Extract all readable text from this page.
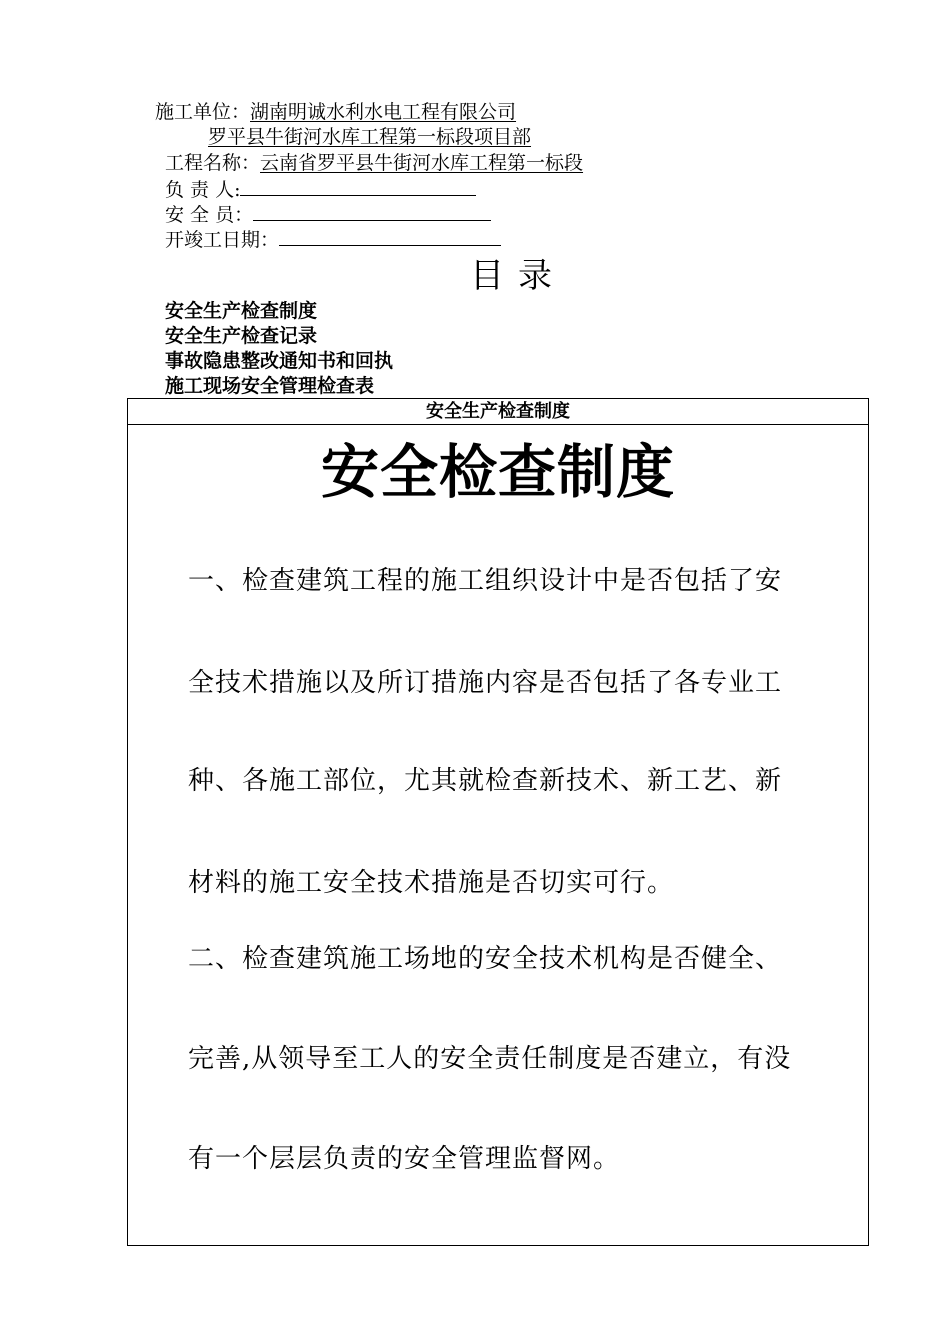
施工单位：湖南明诚水利水电工程有限公司
罗平县牛街河水库工程第一标段项目部
工程名称：云南省罗平县牛街河水库工程第一标段
负 责 人:
安 全 员：
开竣工日期：
目录
安全生产检查制度
安全生产检查记录
事故隐患整改通知书和回执
施工现场安全管理检查表
安全生产检查制度
安全检查制度
一、检查建筑工程的施工组织设计中是否包括了安
全技术措施以及所订措施内容是否包括了各专业工
种、各施工部位，尤其就检查新技术、新工艺、新
材料的施工安全技术措施是否切实可行。
二、检查建筑施工场地的安全技术机构是否健全、
完善,从领导至工人的安全责任制度是否建立，有没
有一个层层负责的安全管理监督网。
